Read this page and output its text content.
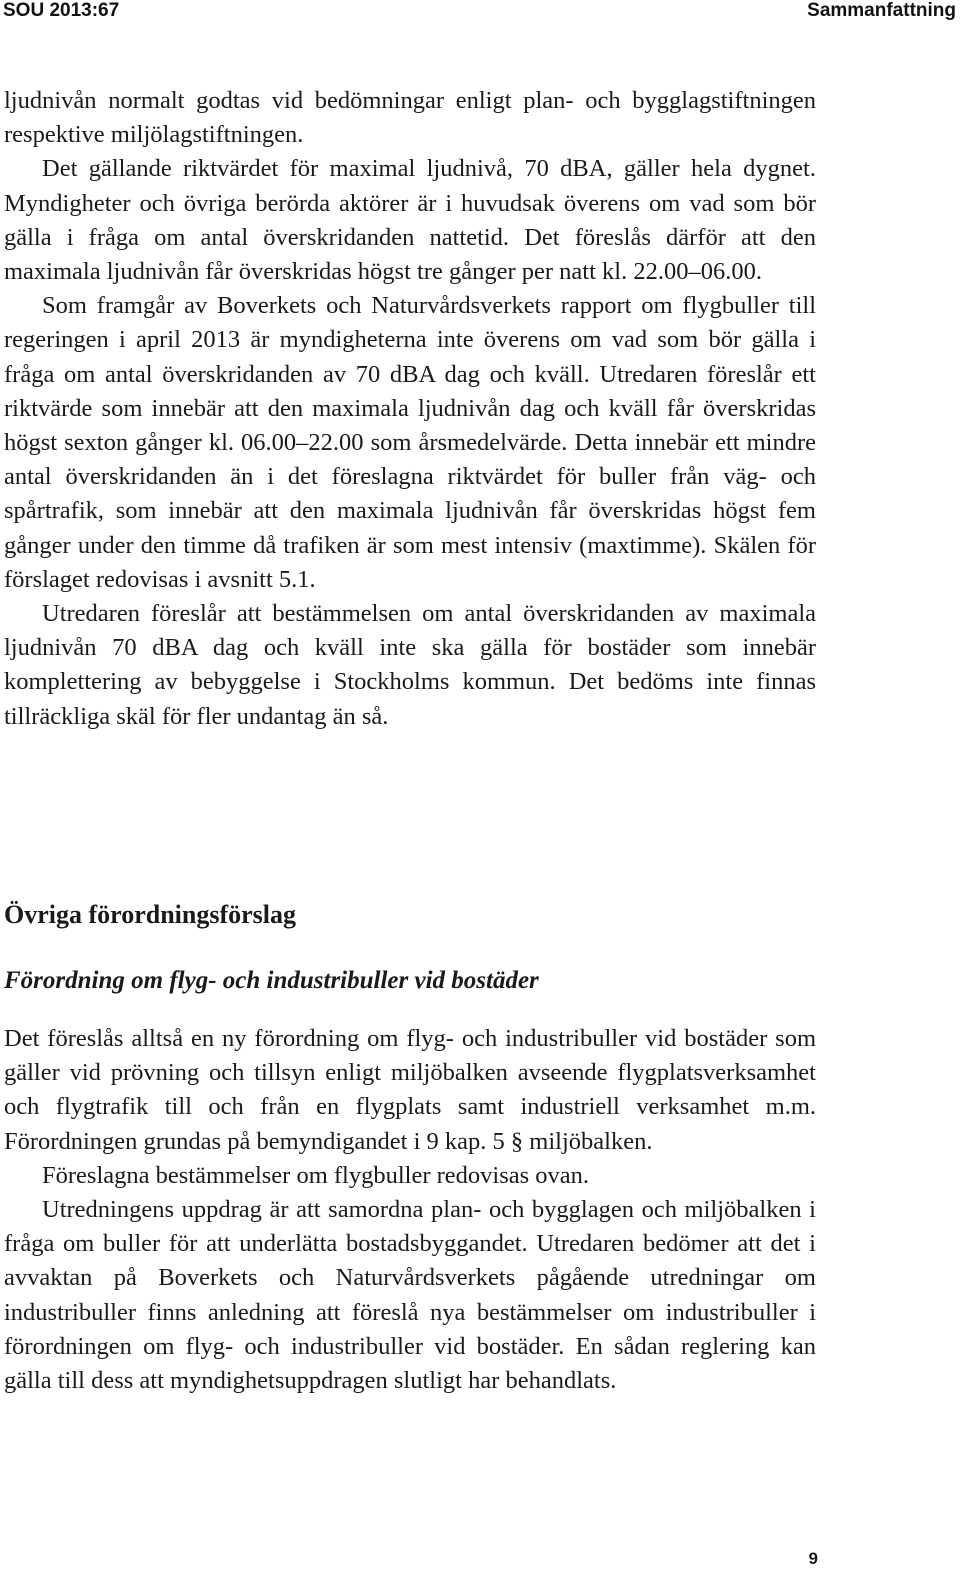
SOU 2013:67	Sammanfattning

ljudnivån normalt godtas vid bedömningar enligt plan- och bygglagstiftningen respektive miljölagstiftningen.

Det gällande riktvärdet för maximal ljudnivå, 70 dBA, gäller hela dygnet. Myndigheter och övriga berörda aktörer är i huvudsak överens om vad som bör gälla i fråga om antal överskridanden nattetid. Det föreslås därför att den maximala ljudnivån får överskridas högst tre gånger per natt kl. 22.00–06.00.

Som framgår av Boverkets och Naturvårdsverkets rapport om flygbuller till regeringen i april 2013 är myndigheterna inte överens om vad som bör gälla i fråga om antal överskridanden av 70 dBA dag och kväll. Utredaren föreslår ett riktvärde som innebär att den maximala ljudnivån dag och kväll får överskridas högst sexton gånger kl. 06.00–22.00 som årsmedelvärde. Detta innebär ett mindre antal överskridanden än i det föreslagna riktvärdet för buller från väg- och spårtrafik, som innebär att den maximala ljudnivån får överskridas högst fem gånger under den timme då trafiken är som mest intensiv (maxtimme). Skälen för förslaget redovisas i avsnitt 5.1.

Utredaren föreslår att bestämmelsen om antal överskridanden av maximala ljudnivån 70 dBA dag och kväll inte ska gälla för bostäder som innebär komplettering av bebyggelse i Stockholms kommun. Det bedöms inte finnas tillräckliga skäl för fler undantag än så.

Övriga förordningsförslag
Förordning om flyg- och industribuller vid bostäder

Det föreslås alltså en ny förordning om flyg- och industribuller vid bostäder som gäller vid prövning och tillsyn enligt miljöbalken avseende flygplatsverksamhet och flygtrafik till och från en flygplats samt industriell verksamhet m.m. Förordningen grundas på bemyndigandet i 9 kap. 5 § miljöbalken.

Föreslagna bestämmelser om flygbuller redovisas ovan.

Utredningens uppdrag är att samordna plan- och bygglagen och miljöbalken i fråga om buller för att underlätta bostadsbyggandet. Utredaren bedömer att det i avvaktan på Boverkets och Naturvårdsverkets pågående utredningar om industribuller finns anledning att föreslå nya bestämmelser om industribuller i förordningen om flyg- och industribuller vid bostäder. En sådan reglering kan gälla till dess att myndighetsuppdragen slutligt har behandlats.

9
